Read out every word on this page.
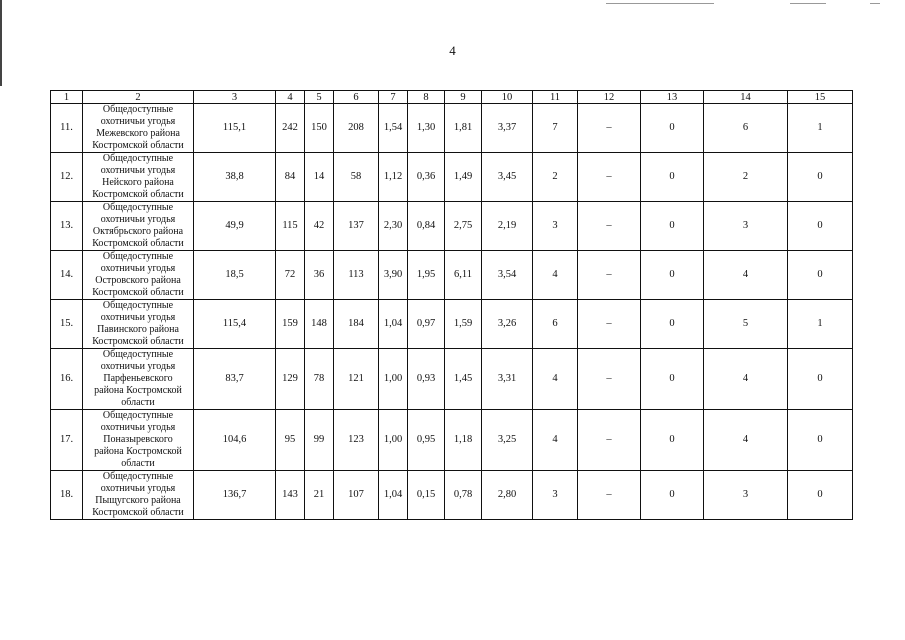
4
1	2	3	4	5	6	7	8	9	10	11	12	13	14	15
11.	Общедоступные
охотничьи угодья
Межевского района
Костромской области	115,1	242	150	208	1,54	1,30	1,81	3,37	7	–	0	6	1
12.	Общедоступные
охотничьи угодья
Нейского района
Костромской области	38,8	84	14	58	1,12	0,36	1,49	3,45	2	–	0	2	0
13.	Общедоступные
охотничьи угодья
Октябрьского района
Костромской области	49,9	115	42	137	2,30	0,84	2,75	2,19	3	–	0	3	0
14.	Общедоступные
охотничьи угодья
Островского района
Костромской области	18,5	72	36	113	3,90	1,95	6,11	3,54	4	–	0	4	0
15.	Общедоступные
охотничьи угодья
Павинского района
Костромской области	115,4	159	148	184	1,04	0,97	1,59	3,26	6	–	0	5	1
16.	Общедоступные
охотничьи угодья
Парфеньевского
района Костромской
области	83,7	129	78	121	1,00	0,93	1,45	3,31	4	–	0	4	0
17.	Общедоступные
охотничьи угодья
Поназыревского
района Костромской
области	104,6	95	99	123	1,00	0,95	1,18	3,25	4	–	0	4	0
18.	Общедоступные
охотничьи угодья
Пыщугского района
Костромской области	136,7	143	21	107	1,04	0,15	0,78	2,80	3	–	0	3	0
